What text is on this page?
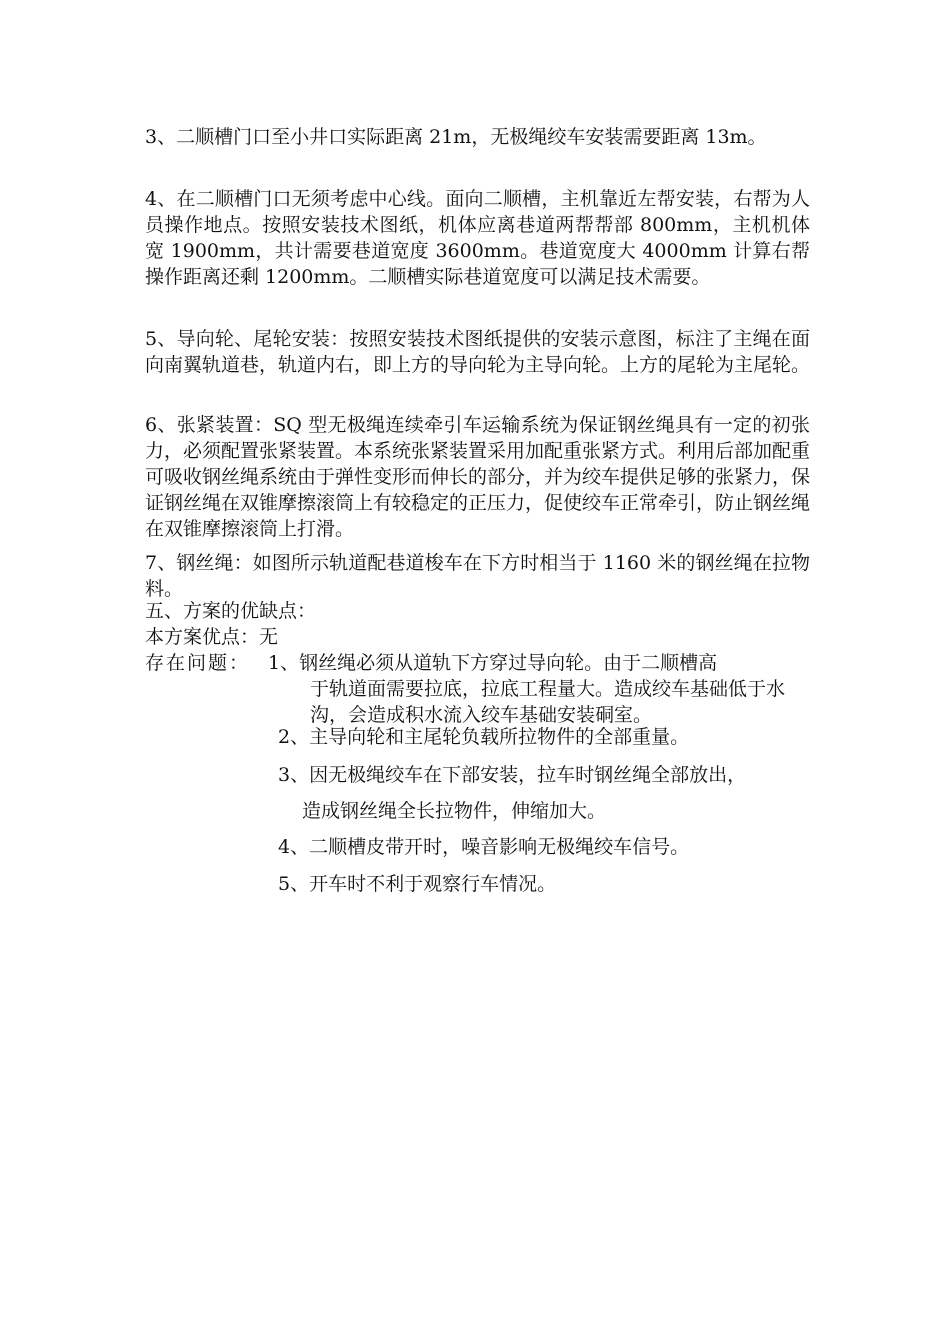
3、二顺槽门口至小井口实际距离 21m，无极绳绞车安装需要距离 13m。

4、在二顺槽门口无须考虑中心线。面向二顺槽，主机靠近左帮安装，右帮为人员操作地点。按照安装技术图纸，机体应离巷道两帮帮部 800mm，主机机体宽 1900mm，共计需要巷道宽度 3600mm。巷道宽度大 4000mm 计算右帮操作距离还剩 1200mm。二顺槽实际巷道宽度可以满足技术需要。

5、导向轮、尾轮安装：按照安装技术图纸提供的安装示意图，标注了主绳在面向南翼轨道巷，轨道内右，即上方的导向轮为主导向轮。上方的尾轮为主尾轮。

6、张紧装置：SQ 型无极绳连续牵引车运输系统为保证钢丝绳具有一定的初张力，必须配置张紧装置。本系统张紧装置采用加配重张紧方式。利用后部加配重可吸收钢丝绳系统由于弹性变形而伸长的部分，并为绞车提供足够的张紧力，保证钢丝绳在双锥摩擦滚筒上有较稳定的正压力，促使绞车正常牵引，防止钢丝绳在双锥摩擦滚筒上打滑。

7、钢丝绳：如图所示轨道配巷道梭车在下方时相当于 1160 米的钢丝绳在拉物料。

五、方案的优缺点：

本方案优点：无

存在问题： 1、钢丝绳必须从道轨下方穿过导向轮。由于二顺槽高

于轨道面需要拉底，拉底工程量大。造成绞车基础低于水沟，会造成积水流入绞车基础安装硐室。

2、主导向轮和主尾轮负载所拉物件的全部重量。

3、因无极绳绞车在下部安装，拉车时钢丝绳全部放出，

造成钢丝绳全长拉物件，伸缩加大。

4、二顺槽皮带开时，噪音影响无极绳绞车信号。

5、开车时不利于观察行车情况。
